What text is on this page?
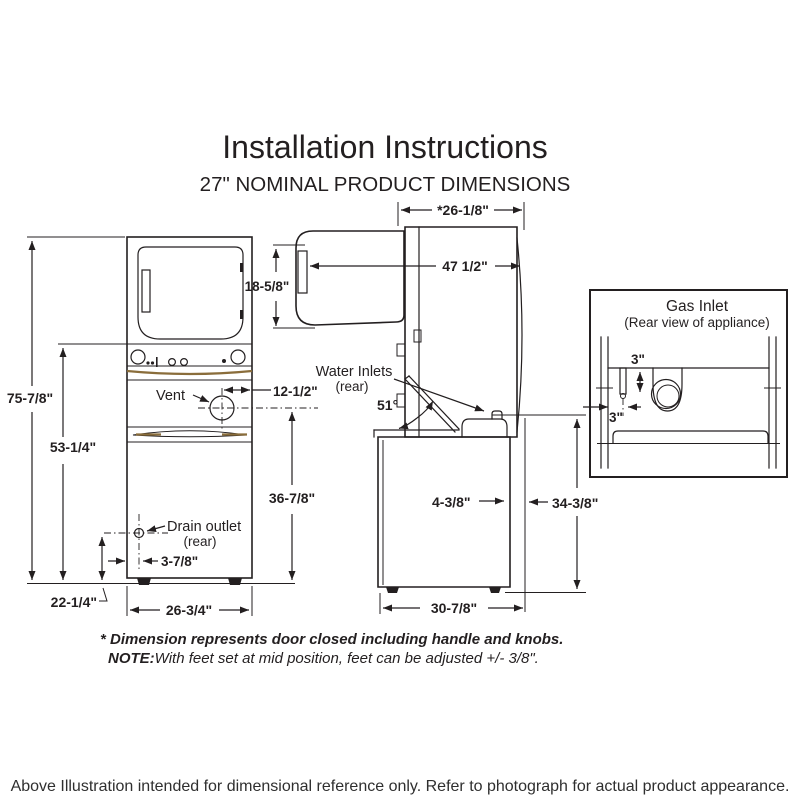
Installation Instructions
27" NOMINAL PRODUCT DIMENSIONS
Vent	12-1/2"
Drain outlet
(rear)
3-7/8"
22-1/4"
75-7/8"
53-1/4"
36-7/8"
26-3/4"
*26-1/8"
18-5/8"
47 1/2"
Water Inlets
(rear)
51°
4-3/8"	34-3/8"
30-7/8"
Gas Inlet
(Rear view of appliance)
3"
3"
* Dimension represents door closed including handle and knobs.
NOTE:With feet set at mid position, feet can be adjusted +/- 3/8".
Above Illustration intended for dimensional reference only. Refer to photograph for actual product appearance.
